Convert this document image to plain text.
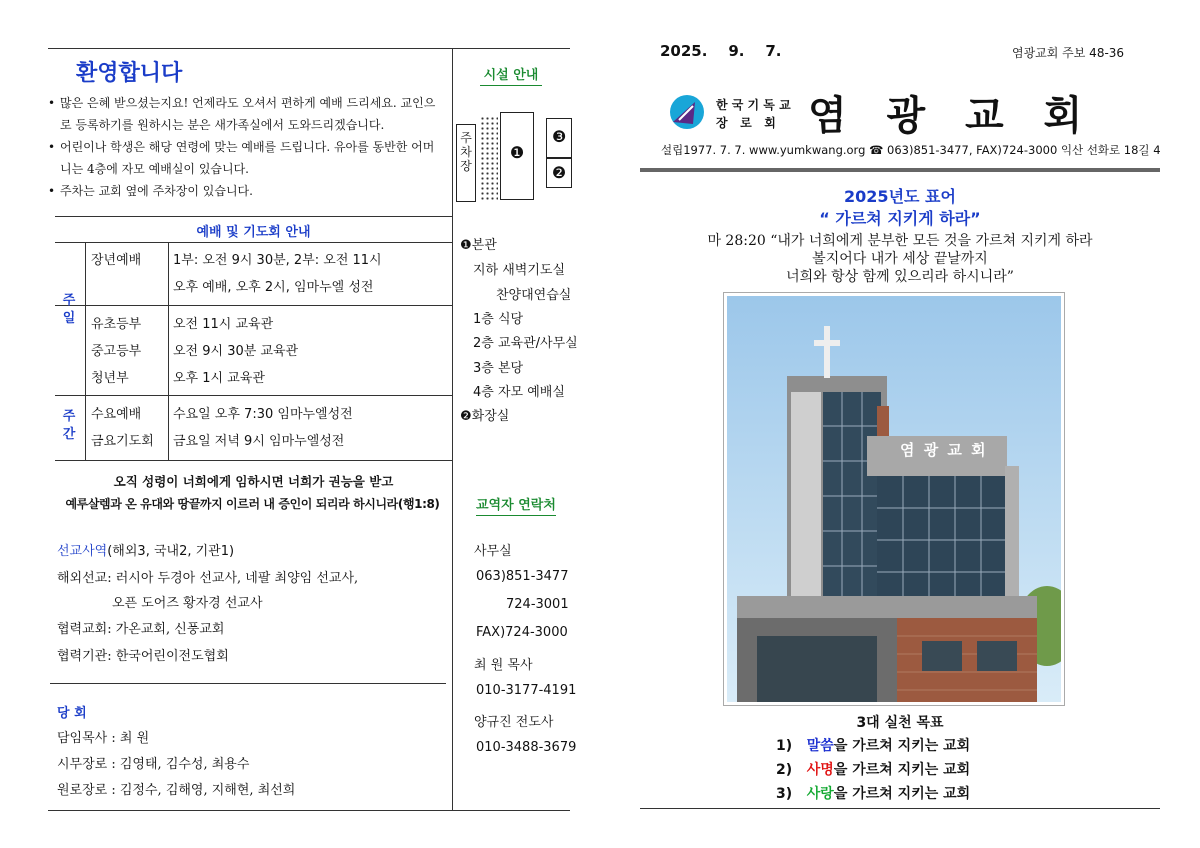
환영합니다
• 많은 은혜 받으셨는지요! 언제라도 오셔서 편하게 예배 드리세요. 교인으로 등록하기를 원하시는 분은 새가족실에서 도와드리겠습니다.
• 어린이나 학생은 해당 연령에 맞는 예배를 드립니다. 유아를 동반한 어머니는 4층에 자모 예배실이 있습니다.
• 주차는 교회 옆에 주차장이 있습니다.
예배 및 기도회 안내
주일
주간
장년예배 1부: 오전 9시 30분, 2부: 오전 11시
오후 예배, 오후 2시, 임마누엘 성전
유초등부 오전 11시 교육관
중고등부 오전 9시 30분 교육관
청년부	오후 1시 교육관
수요예배 수요일 오후 7:30 임마누엘성전
금요기도회 금요일 저녁 9시 임마누엘성전
오직 성령이 너희에게 임하시면 너희가 권능을 받고
예루살렘과 온 유대와 땅끝까지 이르러 내 증인이 되리라 하시니라(행1:8)
선교사역(해외3, 국내2, 기관1)
해외선교: 러시아 두경아 선교사, 네팔 최양임 선교사,
오픈 도어즈 황자경 선교사
협력교회: 가온교회, 신풍교회
협력기관: 한국어린이전도협회
당 회
담임목사 : 최 원
시무장로 : 김영태, 김수성, 최용수
원로장로 : 김정수, 김해영, 지해현, 최선희
시설 안내
주차장
❶
❸
❷
❶본관
지하 새벽기도실
찬양대연습실
1층 식당
2층 교육관/사무실
3층 본당
4층 자모 예배실
❷화장실
교역자 연락처
사무실
063)851-3477
724-3001
FAX)724-3000
최 원 목사
010-3177-4191
양규진 전도사
010-3488-3679
2025.    9.    7.	염광교회 주보 48-36
한 국 기 독 교
장   로   회 염  광  교  회
설립1977. 7. 7. www.yumkwang.org ☎ 063)851-3477, FAX)724-3000 익산 선화로 18길 4
2025년도 표어
“ 가르쳐 지키게 하라”
마 28:20 “내가 너희에게 분부한 모든 것을 가르쳐 지키게 하라
볼지어다 내가 세상 끝날까지
너희와 항상 함께 있으리라 하시니라”
염 광 교 회
3대 실천 목표
1) 말씀을 가르쳐 지키는 교회
2) 사명을 가르쳐 지키는 교회
3) 사랑을 가르쳐 지키는 교회
